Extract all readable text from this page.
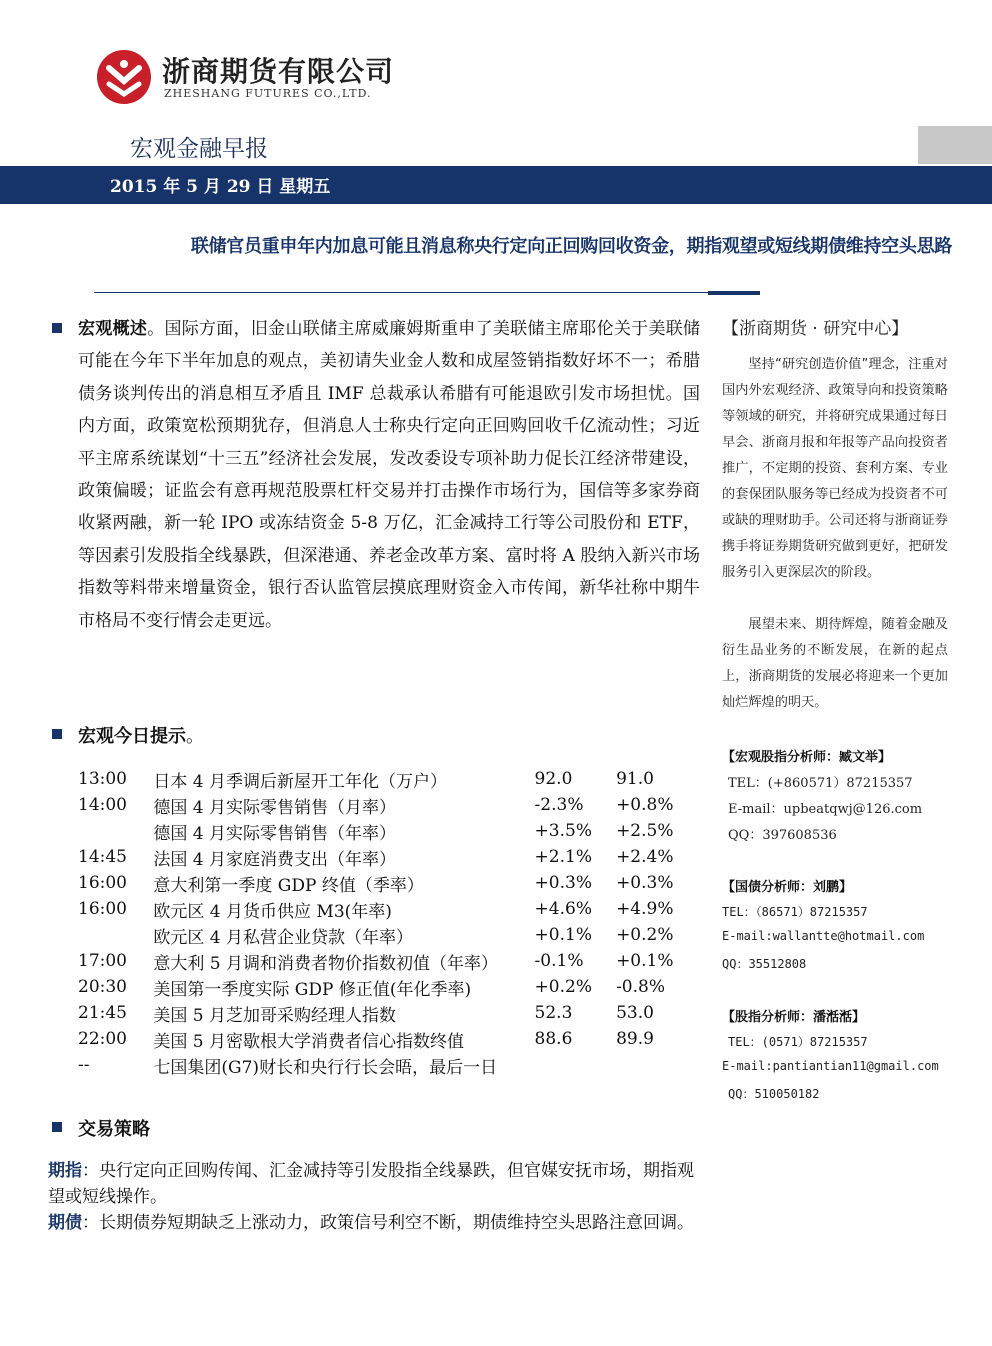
浙商期货有限公司
ZHESHANG FUTURES CO.,LTD.
宏观金融早报
2015 年 5 月 29 日 星期五
联储官员重申年内加息可能且消息称央行定向正回购回收资金，期指观望或短线期债维持空头思路
宏观概述。国际方面，旧金山联储主席威廉姆斯重申了美联储主席耶伦关于美联储可能在今年下半年加息的观点，美初请失业金人数和成屋签销指数好坏不一；希腊债务谈判传出的消息相互矛盾且 IMF 总裁承认希腊有可能退欧引发市场担忧。国内方面，政策宽松预期犹存，但消息人士称央行定向正回购回收千亿流动性；习近平主席系统谋划“十三五”经济社会发展，发改委设专项补助力促长江经济带建设，政策偏暖；证监会有意再规范股票杠杆交易并打击操作市场行为，国信等多家券商收紧两融，新一轮 IPO 或冻结资金 5-8 万亿，汇金减持工行等公司股份和 ETF，等因素引发股指全线暴跌，但深港通、养老金改革方案、富时将 A 股纳入新兴市场指数等料带来增量资金，银行否认监管层摸底理财资金入市传闻，新华社称中期牛市格局不变行情会走更远。
宏观今日提示。
13:00	日本 4 月季调后新屋开工年化（万户）	92.0	91.0
14:00	德国 4 月实际零售销售（月率）	-2.3%	+0.8%
	德国 4 月实际零售销售（年率）	+3.5%	+2.5%
14:45	法国 4 月家庭消费支出（年率）	+2.1%	+2.4%
16:00	意大利第一季度 GDP 终值（季率）	+0.3%	+0.3%
16:00	欧元区 4 月货币供应 M3(年率)	+4.6%	+4.9%
	欧元区 4 月私营企业贷款（年率）	+0.1%	+0.2%
17:00	意大利 5 月调和消费者物价指数初值（年率）	-0.1%	+0.1%
20:30	美国第一季度实际 GDP 修正值(年化季率)	+0.2%	-0.8%
21:45	美国 5 月芝加哥采购经理人指数	52.3	53.0
22:00	美国 5 月密歇根大学消费者信心指数终值	88.6	89.9
--	七国集团(G7)财长和央行行长会晤，最后一日		
交易策略

期指：央行定向正回购传闻、汇金减持等引发股指全线暴跌，但官媒安抚市场，期指观望或短线操作。

期债：长期债券短期缺乏上涨动力，政策信号利空不断，期债维持空头思路注意回调。

【浙商期货 · 研究中心】
坚持“研究创造价值”理念，注重对国内外宏观经济、政策导向和投资策略等领域的研究，并将研究成果通过每日早会、浙商月报和年报等产品向投资者推广，不定期的投资、套利方案、专业的套保团队服务等已经成为投资者不可或缺的理财助手。公司还将与浙商证券携手将证券期货研究做到更好，把研发服务引入更深层次的阶段。
展望未来、期待辉煌，随着金融及衍生品业务的不断发展，在新的起点上，浙商期货的发展必将迎来一个更加灿烂辉煌的明天。
【宏观股指分析师：臧文举】
TEL：(+860571）87215357
E-mail：upbeatqwj@126.com
QQ：397608536
【国债分析师：刘鹏】
TEL：（86571）87215357
E-mail:wallantte@hotmail.com
QQ：35512808
【股指分析师：潘湉湉】
TEL：(0571）87215357
E-mail:pantiantian11@gmail.com
QQ：510050182
